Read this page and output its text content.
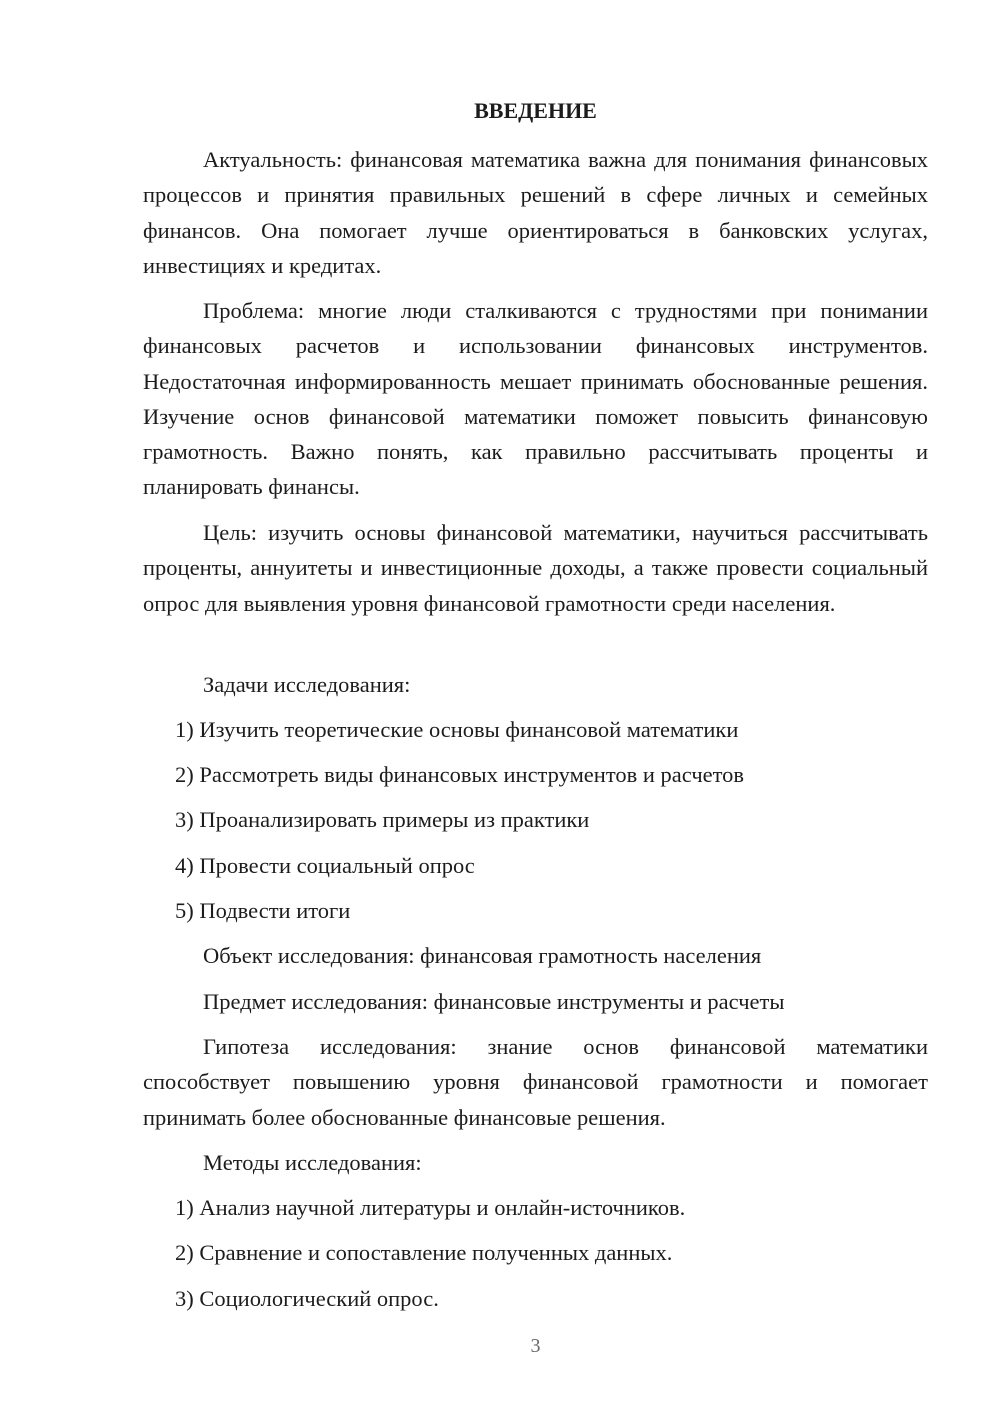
ВВЕДЕНИЕ

Актуальность: финансовая математика важна для понимания финансовых процессов и принятия правильных решений в сфере личных и семейных финансов. Она помогает лучше ориентироваться в банковских услугах, инвестициях и кредитах.

Проблема: многие люди сталкиваются с трудностями при понимании финансовых расчетов и использовании финансовых инструментов. Недостаточная информированность мешает принимать обоснованные решения. Изучение основ финансовой математики поможет повысить финансовую грамотность. Важно понять, как правильно рассчитывать проценты и планировать финансы.

Цель: изучить основы финансовой математики, научиться рассчитывать проценты, аннуитеты и инвестиционные доходы, а также провести социальный опрос для выявления уровня финансовой грамотности среди населения.

Задачи исследования:

1) Изучить теоретические основы финансовой математики

2) Рассмотреть виды финансовых инструментов и расчетов

3) Проанализировать примеры из практики

4) Провести социальный опрос

5) Подвести итоги

Объект исследования: финансовая грамотность населения

Предмет исследования: финансовые инструменты и расчеты

Гипотеза исследования: знание основ финансовой математики способствует повышению уровня финансовой грамотности и помогает принимать более обоснованные финансовые решения.

Методы исследования:

1) Анализ научной литературы и онлайн-источников.

2) Сравнение и сопоставление полученных данных.

3) Социологический опрос.

3
